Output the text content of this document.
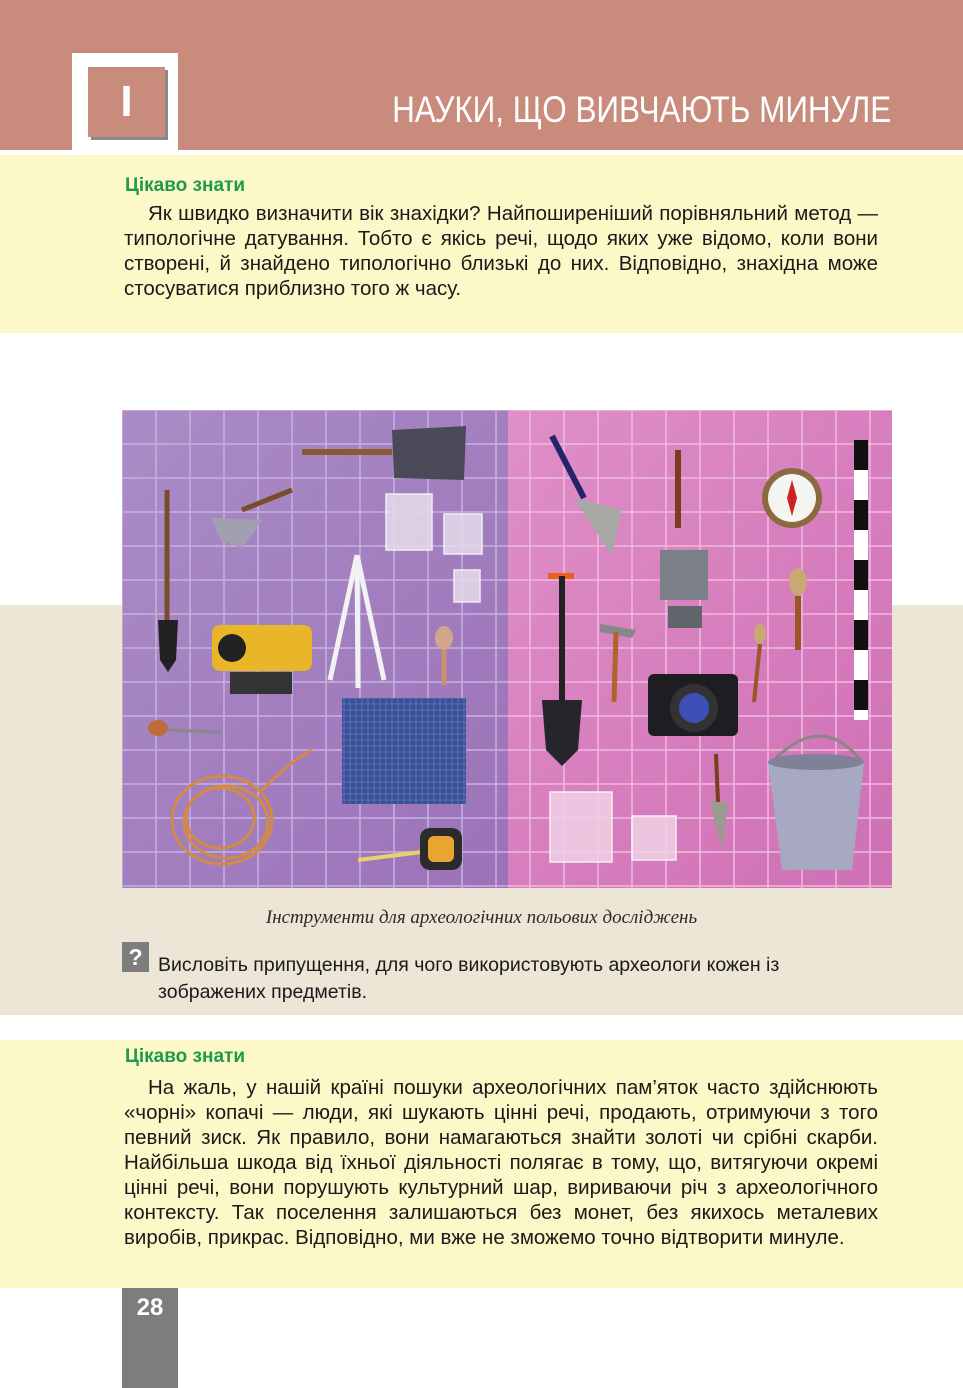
I	НАУКИ, ЩО ВИВЧАЮТЬ МИНУЛЕ
Цікаво знати

Як швидко визначити вік знахідки? Найпоширеніший порівняльний метод — типологічне датування. Тобто є якісь речі, щодо яких уже відомо, коли вони створені, й знайдено типологічно близькі до них. Відповідно, знахідна може стосуватися приблизно того ж часу.

Інструменти для археологічних польових досліджень
? Висловіть припущення, для чого використовують археологи кожен із зображених предметів.
Цікаво знати

На жаль, у нашій країні пошуки археологічних пам’яток часто здійснюють «чорні» копачі — люди, які шукають цінні речі, продають, отримуючи з того певний зиск. Як правило, вони намагаються знайти золоті чи срібні скарби. Найбільша шкода від їхньої діяльності полягає в тому, що, витягуючи окремі цінні речі, вони порушують культурний шар, вириваючи річ з археологічного контексту. Так поселення залишаються без монет, без якихось металевих виробів, прикрас. Відповідно, ми вже не зможемо точно відтворити минуле.

28
